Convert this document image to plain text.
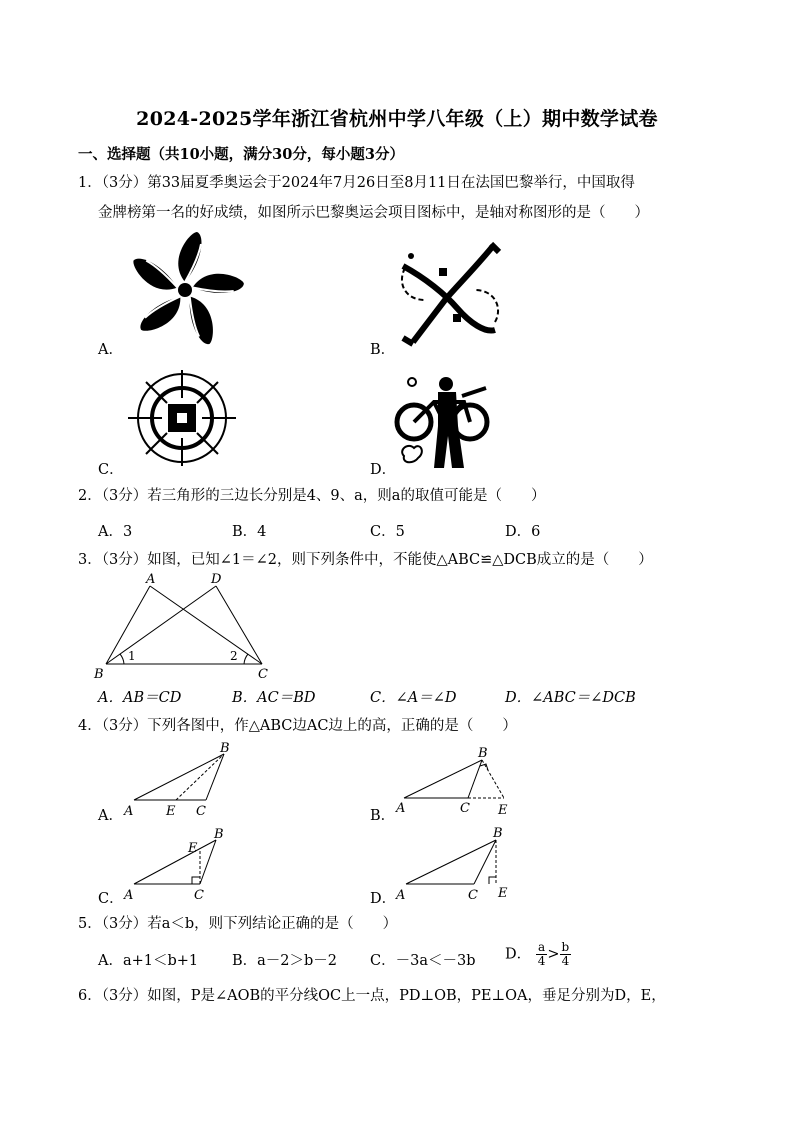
2024-2025学年浙江省杭州中学八年级（上）期中数学试卷
一、选择题（共10小题，满分30分，每小题3分）
1．（3分）第33届夏季奥运会于2024年7月26日至8月11日在法国巴黎举行，中国取得
金牌榜第一名的好成绩，如图所示巴黎奥运会项目图标中，是轴对称图形的是（　　）
A．	B．
C．	D．
2．（3分）若三角形的三边长分别是4、9、a，则a的取值可能是（　　）
A．3	B．4	C．5	D．6
3．（3分）如图，已知∠1＝∠2，则下列条件中，不能使△ABC≌△DCB成立的是（　　）
A	D
B	C
1	2
A．AB＝CD	B．AC＝BD	C．∠A＝∠D	D．∠ABC＝∠DCB
4．（3分）下列各图中，作△ABC边AC边上的高，正确的是（　　）
A． A	E C
B
B． A	C E
B
C． A	C
B
E
D． A	C E
B
5．（3分）若a＜b，则下列结论正确的是（　　）
A．a+1＜b+1 B．a－2＞b－2 C．－3a＜－3b D． $\frac{a}{4} > \frac{b}{4}$
6．（3分）如图，P是∠AOB的平分线OC上一点，PD⊥OB，PE⊥OA，垂足分别为D，E，
